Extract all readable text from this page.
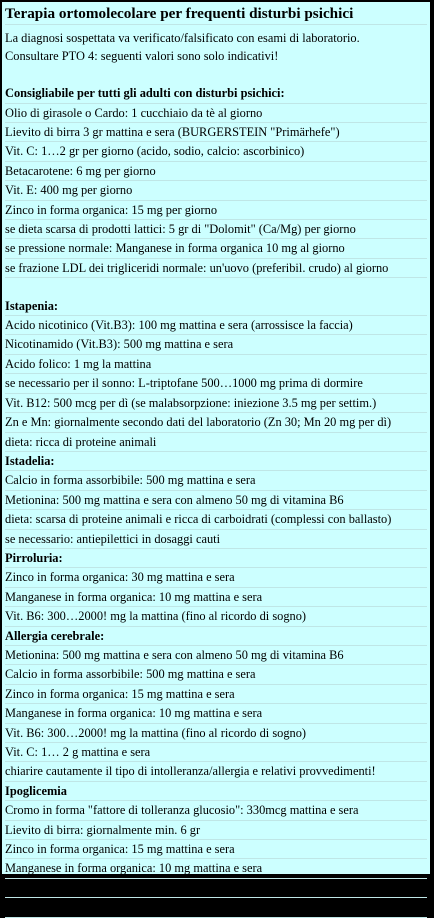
Terapia ortomolecolare per frequenti disturbi psichici
La diagnosi sospettata va verificato/falsificato con esami di laboratorio.
Consultare PTO 4: seguenti valori sono solo indicativi!
Consigliabile per tutti gli adulti con disturbi psichici:
Olio di girasole o Cardo: 1 cucchiaio da tè al giorno
Lievito di birra 3 gr mattina e sera (BURGERSTEIN "Primärhefe")
Vit. C: 1…2 gr per giorno (acido, sodio, calcio: ascorbinico)
Betacarotene: 6 mg per giorno
Vit. E: 400 mg per giorno
Zinco in forma organica: 15 mg per giorno
se dieta scarsa di prodotti lattici: 5 gr di "Dolomit" (Ca/Mg) per giorno
se pressione normale: Manganese in forma organica 10 mg al giorno
se frazione LDL dei trigliceridi normale: un'uovo (preferibil. crudo) al giorno
Istapenia:
Acido nicotinico (Vit.B3): 100 mg mattina e sera (arrossisce la faccia)
Nicotinamido (Vit.B3): 500 mg mattina e sera
Acido folico: 1 mg la mattina
se necessario per il sonno: L-triptofane 500…1000 mg prima di dormire
Vit. B12: 500 mcg per dì (se malabsorpzione: iniezione 3.5 mg per settim.)
Zn e Mn: giornalmente secondo dati del laboratorio (Zn 30; Mn 20 mg per dì)
dieta: ricca di proteine animali
Istadelia:
Calcio in forma assorbibile: 500 mg mattina e sera
Metionina: 500 mg mattina e sera con almeno 50 mg di vitamina B6
dieta: scarsa di proteine animali e ricca di carboidrati (complessi con ballasto)
se necessario: antiepilettici in dosaggi cauti
Pirroluria:
Zinco in forma organica: 30 mg mattina e sera
Manganese in forma organica: 10 mg mattina e sera
Vit. B6: 300…2000! mg la mattina (fino al ricordo di sogno)
Allergia cerebrale:
Metionina: 500 mg mattina e sera con almeno 50 mg di vitamina B6
Calcio in forma assorbibile: 500 mg mattina e sera
Zinco in forma organica: 15 mg mattina e sera
Manganese in forma organica: 10 mg mattina e sera
Vit. B6: 300…2000! mg la mattina (fino al ricordo di sogno)
Vit. C: 1… 2 g mattina e sera
chiarire cautamente il tipo di intolleranza/allergia e relativi provvedimenti!
Ipoglicemia
Cromo in forma "fattore di tolleranza glucosio": 330mcg mattina e sera
Lievito di birra: giornalmente min. 6 gr
Zinco in forma organica: 15 mg mattina e sera
Manganese in forma organica: 10 mg mattina e sera
Multivitamine: a basso dosaggio preferibilmente senza rame
dieta: scarso zuccheri, alcool, farina bianca e caffè
